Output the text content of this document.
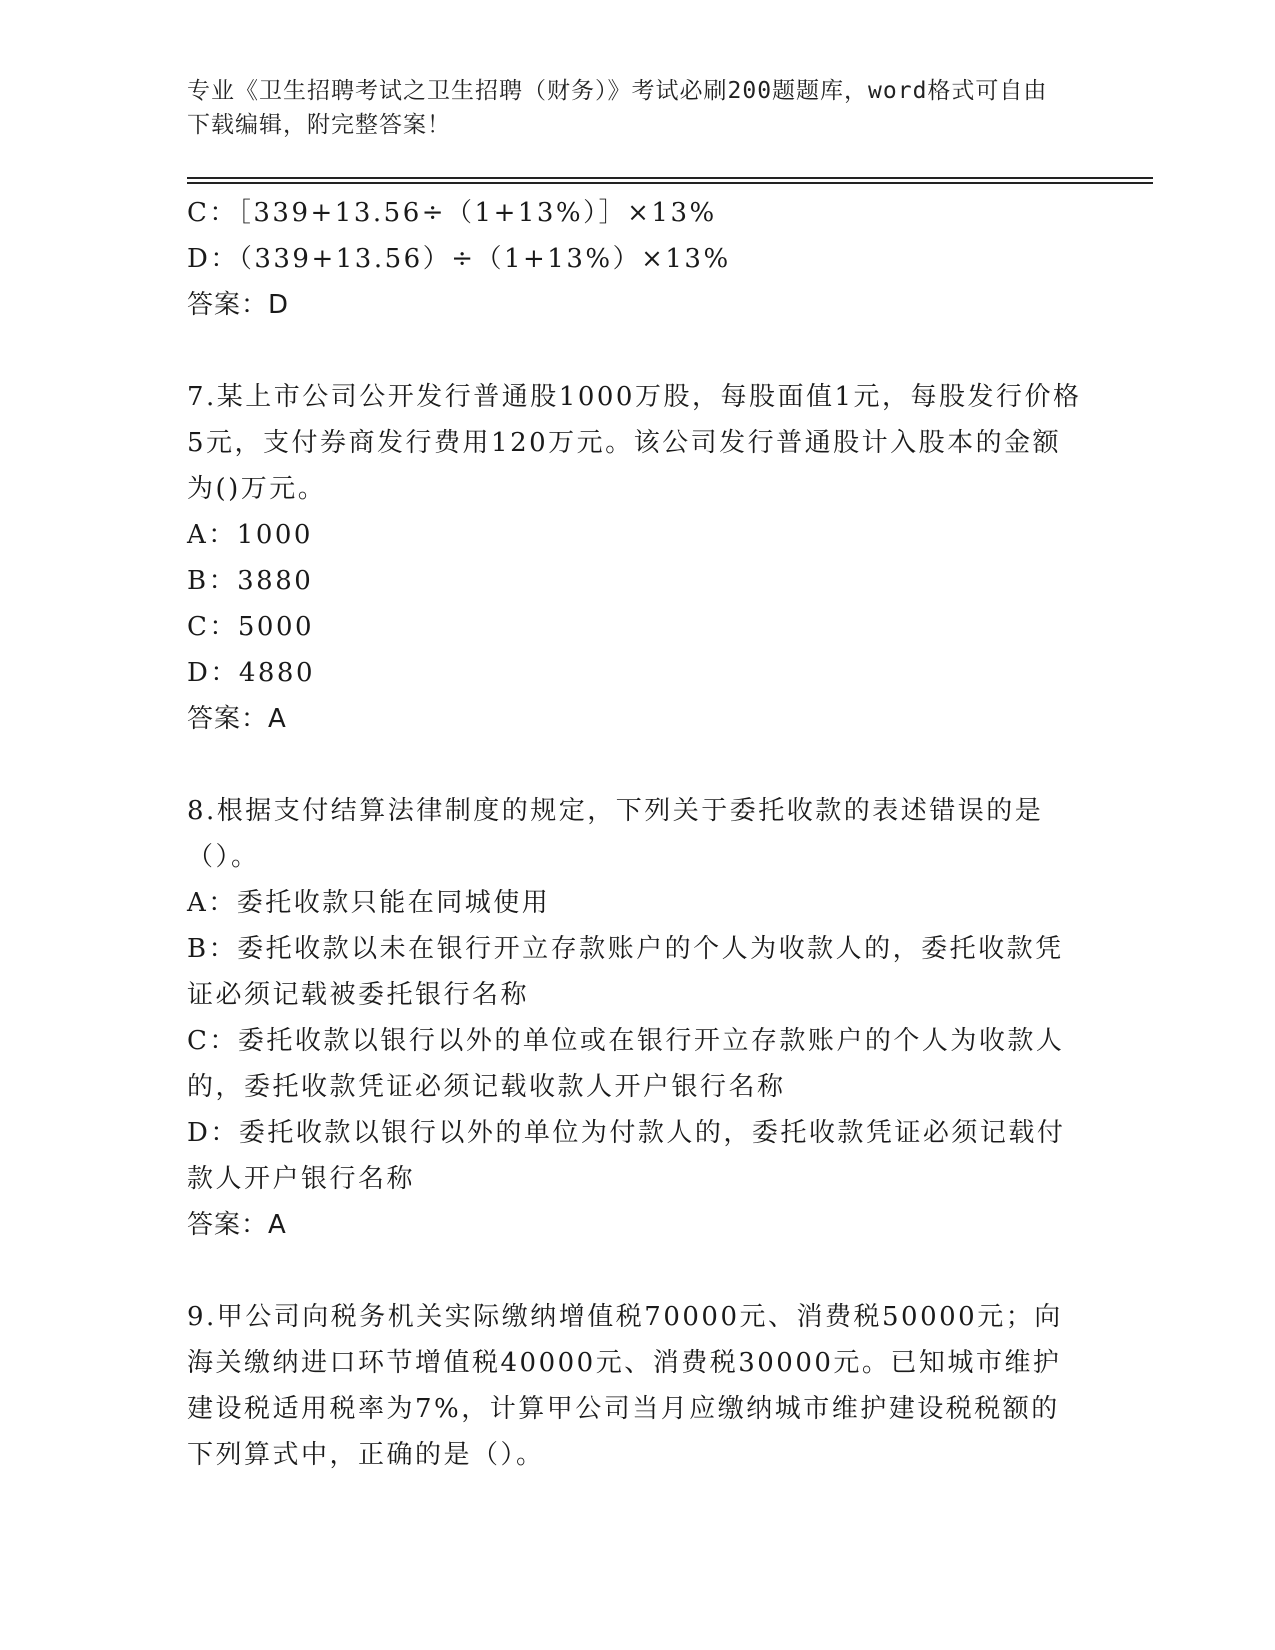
专业《卫生招聘考试之卫生招聘（财务）》考试必刷200题题库，word格式可自由下载编辑，附完整答案！
C：［339+13.56÷（1+13%）］×13%
D：（339+13.56）÷（1+13%）×13%
答案：D
7.某上市公司公开发行普通股1000万股，每股面值1元，每股发行价格5元，支付券商发行费用120万元。该公司发行普通股计入股本的金额为()万元。
A：1000
B：3880
C：5000
D：4880
答案：A
8.根据支付结算法律制度的规定，下列关于委托收款的表述错误的是（）。
A：委托收款只能在同城使用
B：委托收款以未在银行开立存款账户的个人为收款人的，委托收款凭证必须记载被委托银行名称
C：委托收款以银行以外的单位或在银行开立存款账户的个人为收款人的，委托收款凭证必须记载收款人开户银行名称
D：委托收款以银行以外的单位为付款人的，委托收款凭证必须记载付款人开户银行名称
答案：A
9.甲公司向税务机关实际缴纳增值税70000元、消费税50000元；向海关缴纳进口环节增值税40000元、消费税30000元。已知城市维护建设税适用税率为7%，计算甲公司当月应缴纳城市维护建设税税额的下列算式中，正确的是（）。
